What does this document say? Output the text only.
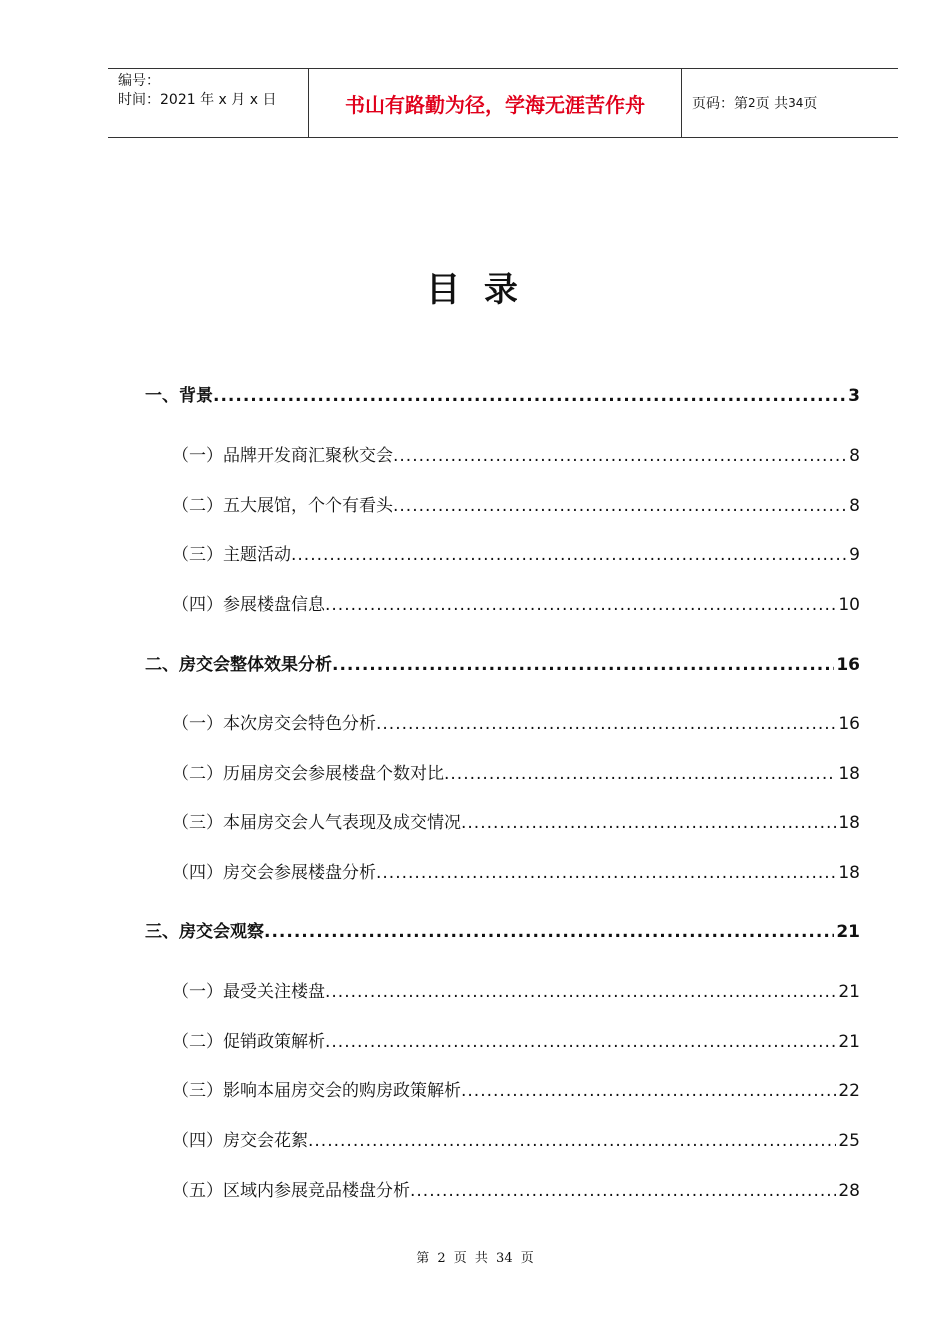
编号：
时间：2021 年 x 月 x 日	书山有路勤为径，学海无涯苦作舟	页码：第 2 页 共 34 页
目 录
一、背景 .....	3
（一）品牌开发商汇聚秋交会 .....	8
（二）五大展馆，个个有看头 .....	8
（三）主题活动 .....	9
（四）参展楼盘信息 .....	10
二、房交会整体效果分析 .....	16
（一）本次房交会特色分析 .....	16
（二）历届房交会参展楼盘个数对比 .....	18
（三）本届房交会人气表现及成交情况 .....	18
（四）房交会参展楼盘分析 .....	18
三、房交会观察 .....	21
（一）最受关注楼盘 .....	21
（二）促销政策解析 .....	21
（三）影响本届房交会的购房政策解析 .....	22
（四）房交会花絮 .....	25
（五）区域内参展竞品楼盘分析 .....	28
第 2 页 共 34 页
